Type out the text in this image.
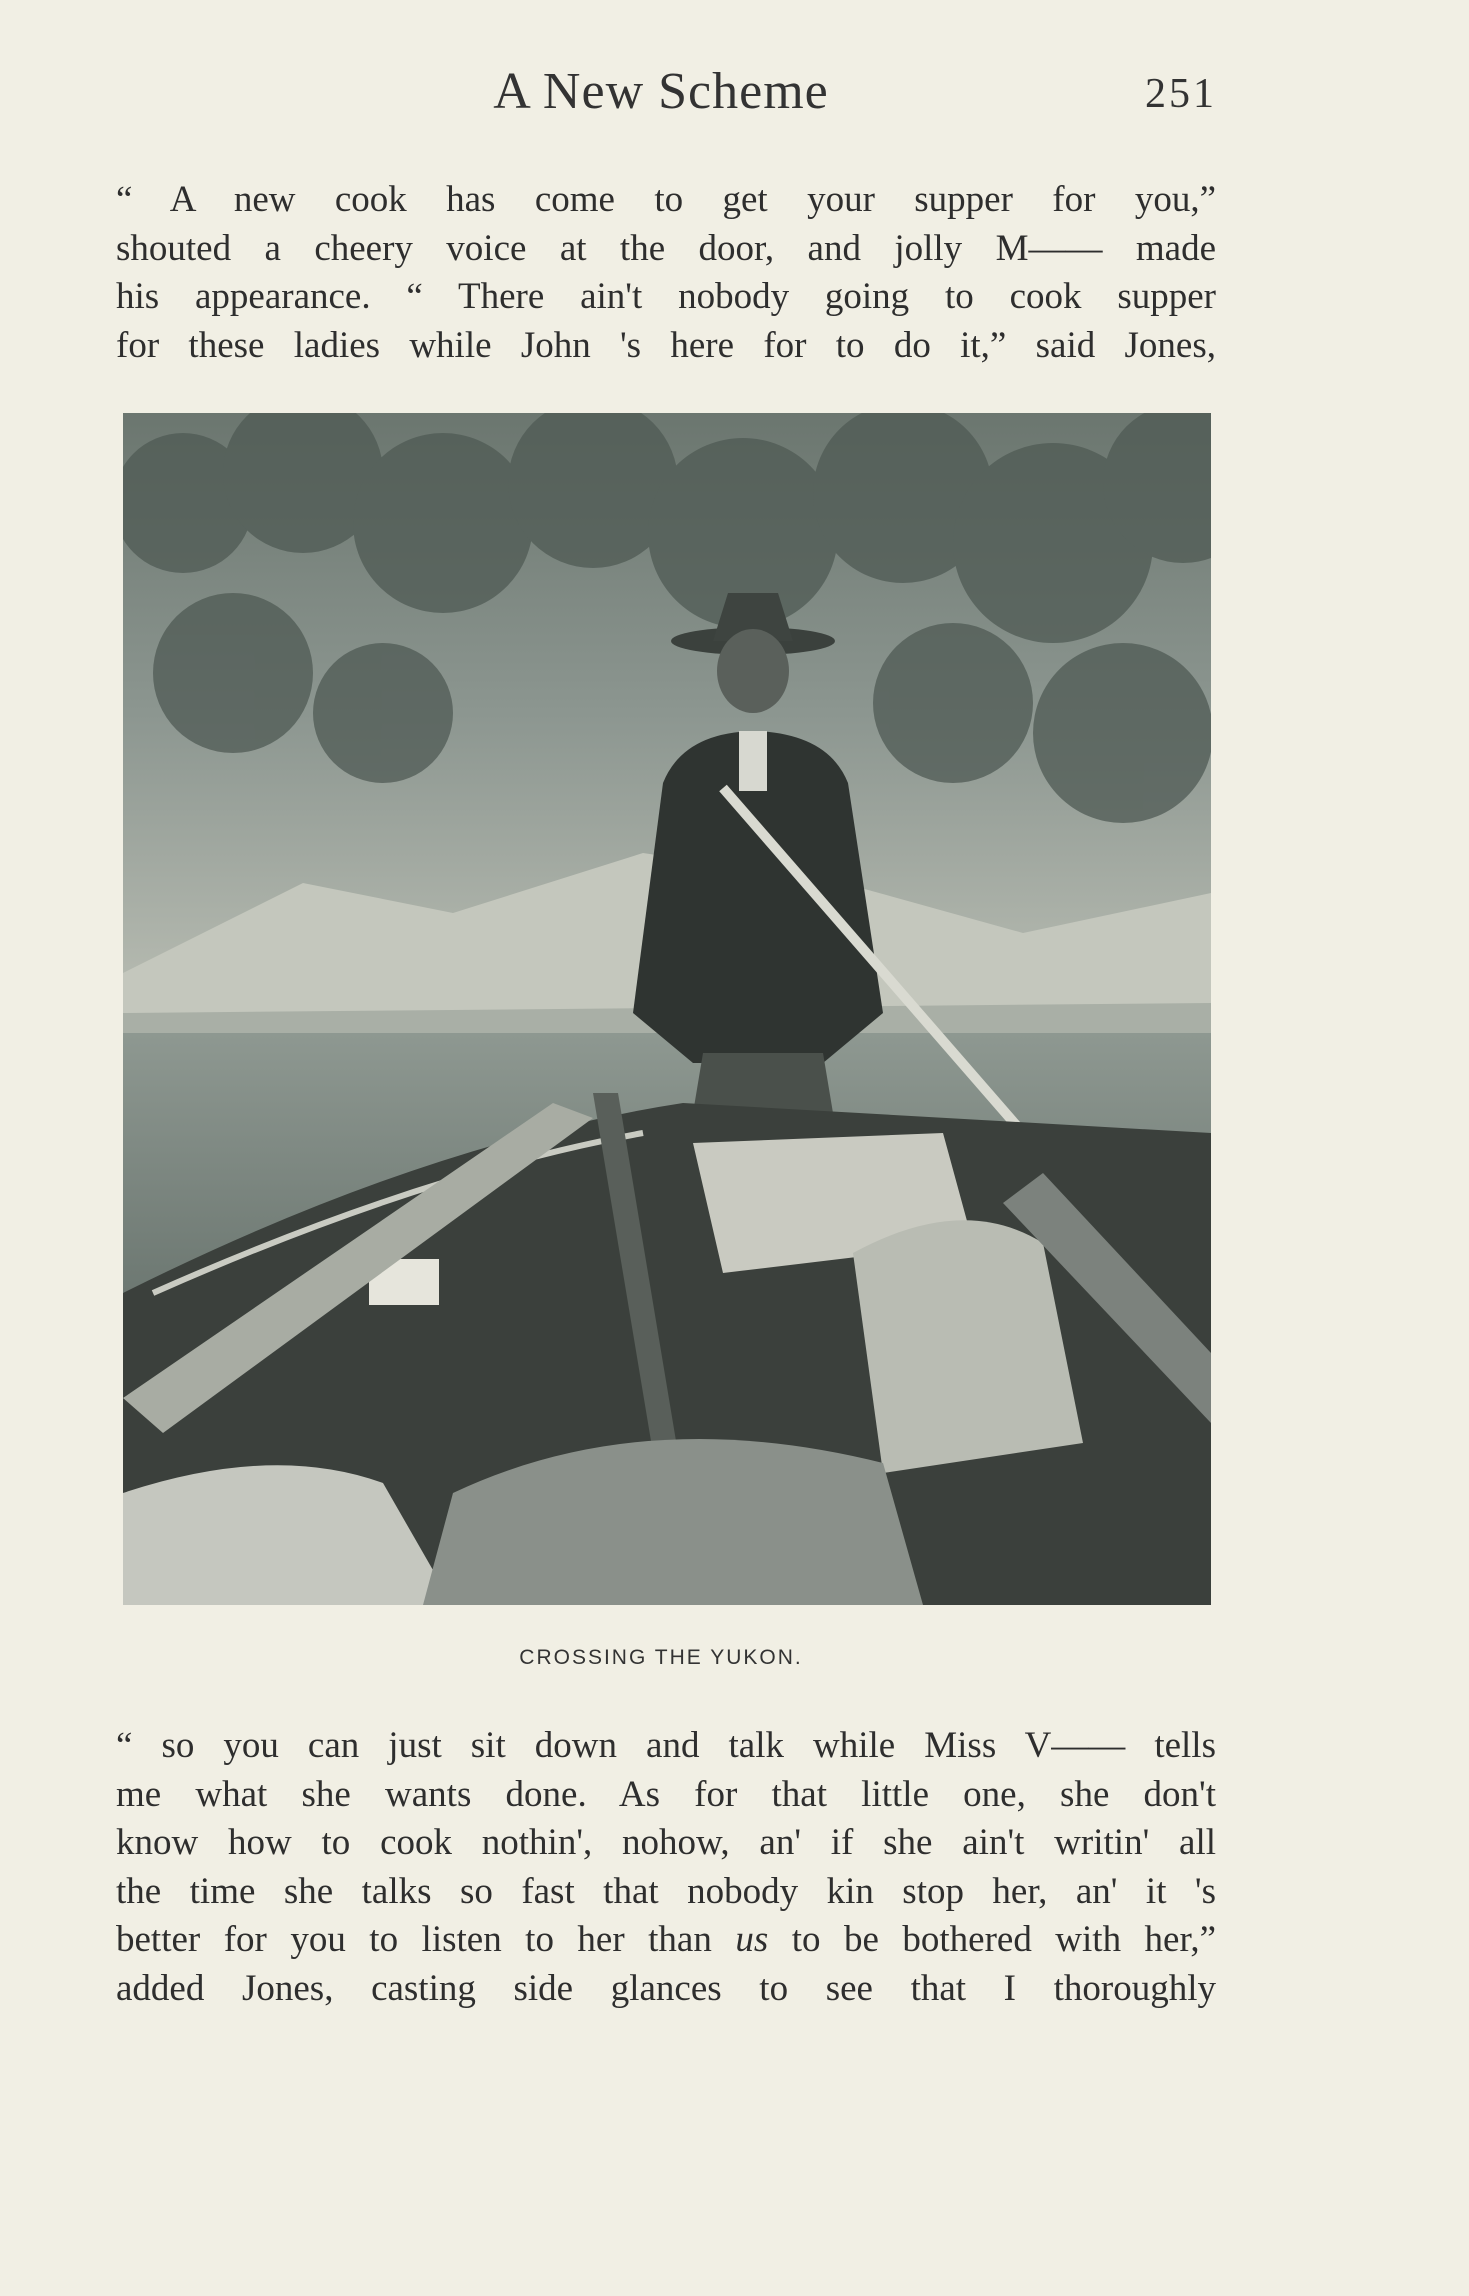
A New Scheme	251
“ A new cook has come to get your supper for you,”
shouted a cheery voice at the door, and jolly M—— made
his appearance. “ There ain't nobody going to cook supper
for these ladies while John 's here for to do it,” said Jones,
CROSSING THE YUKON.
“ so you can just sit down and talk while Miss V—— tells
me what she wants done. As for that little one, she don't
know how to cook nothin', nohow, an' if she ain't writin' all
the time she talks so fast that nobody kin stop her, an' it 's
better for you to listen to her than us to be bothered with her,”
added Jones, casting side glances to see that I thoroughly
